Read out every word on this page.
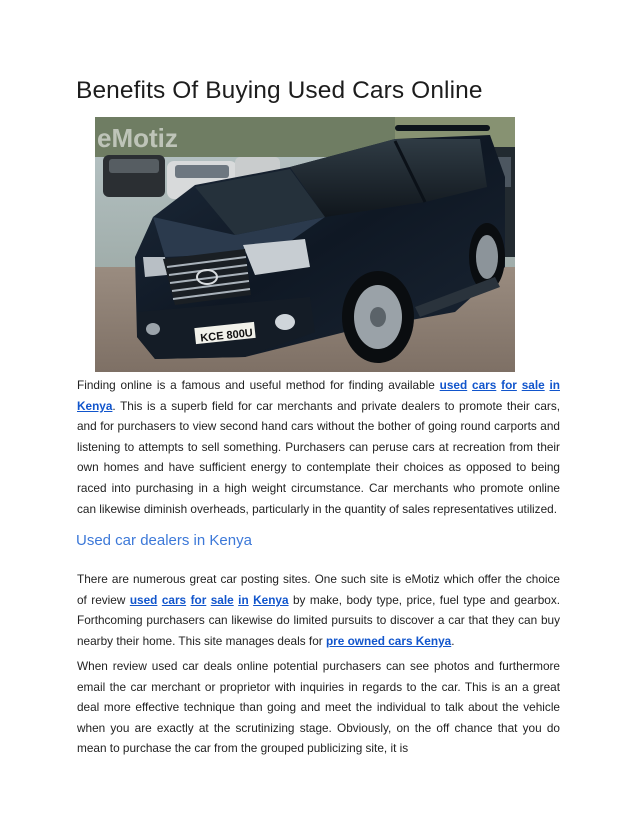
Benefits Of Buying Used Cars Online
KCE 800U
eMotiz

Finding online is a famous and useful method for finding available used cars for sale in Kenya. This is a superb field for car merchants and private dealers to promote their cars, and for purchasers to view second hand cars without the bother of going round carports and listening to attempts to sell something. Purchasers can peruse cars at recreation from their own homes and have sufficient energy to contemplate their choices as opposed to being raced into purchasing in a high weight circumstance. Car merchants who promote online can likewise diminish overheads, particularly in the quantity of sales representatives utilized.

Used car dealers in Kenya

There are numerous great car posting sites. One such site is eMotiz which offer the choice of review used cars for sale in Kenya by make, body type, price, fuel type and gearbox. Forthcoming purchasers can likewise do limited pursuits to discover a car that they can buy nearby their home. This site manages deals for pre owned cars Kenya.

When review used car deals online potential purchasers can see photos and furthermore email the car merchant or proprietor with inquiries in regards to the car. This is an a great deal more effective technique than going and meet the individual to talk about the vehicle when you are exactly at the scrutinizing stage. Obviously, on the off chance that you do mean to purchase the car from the grouped publicizing site, it is
